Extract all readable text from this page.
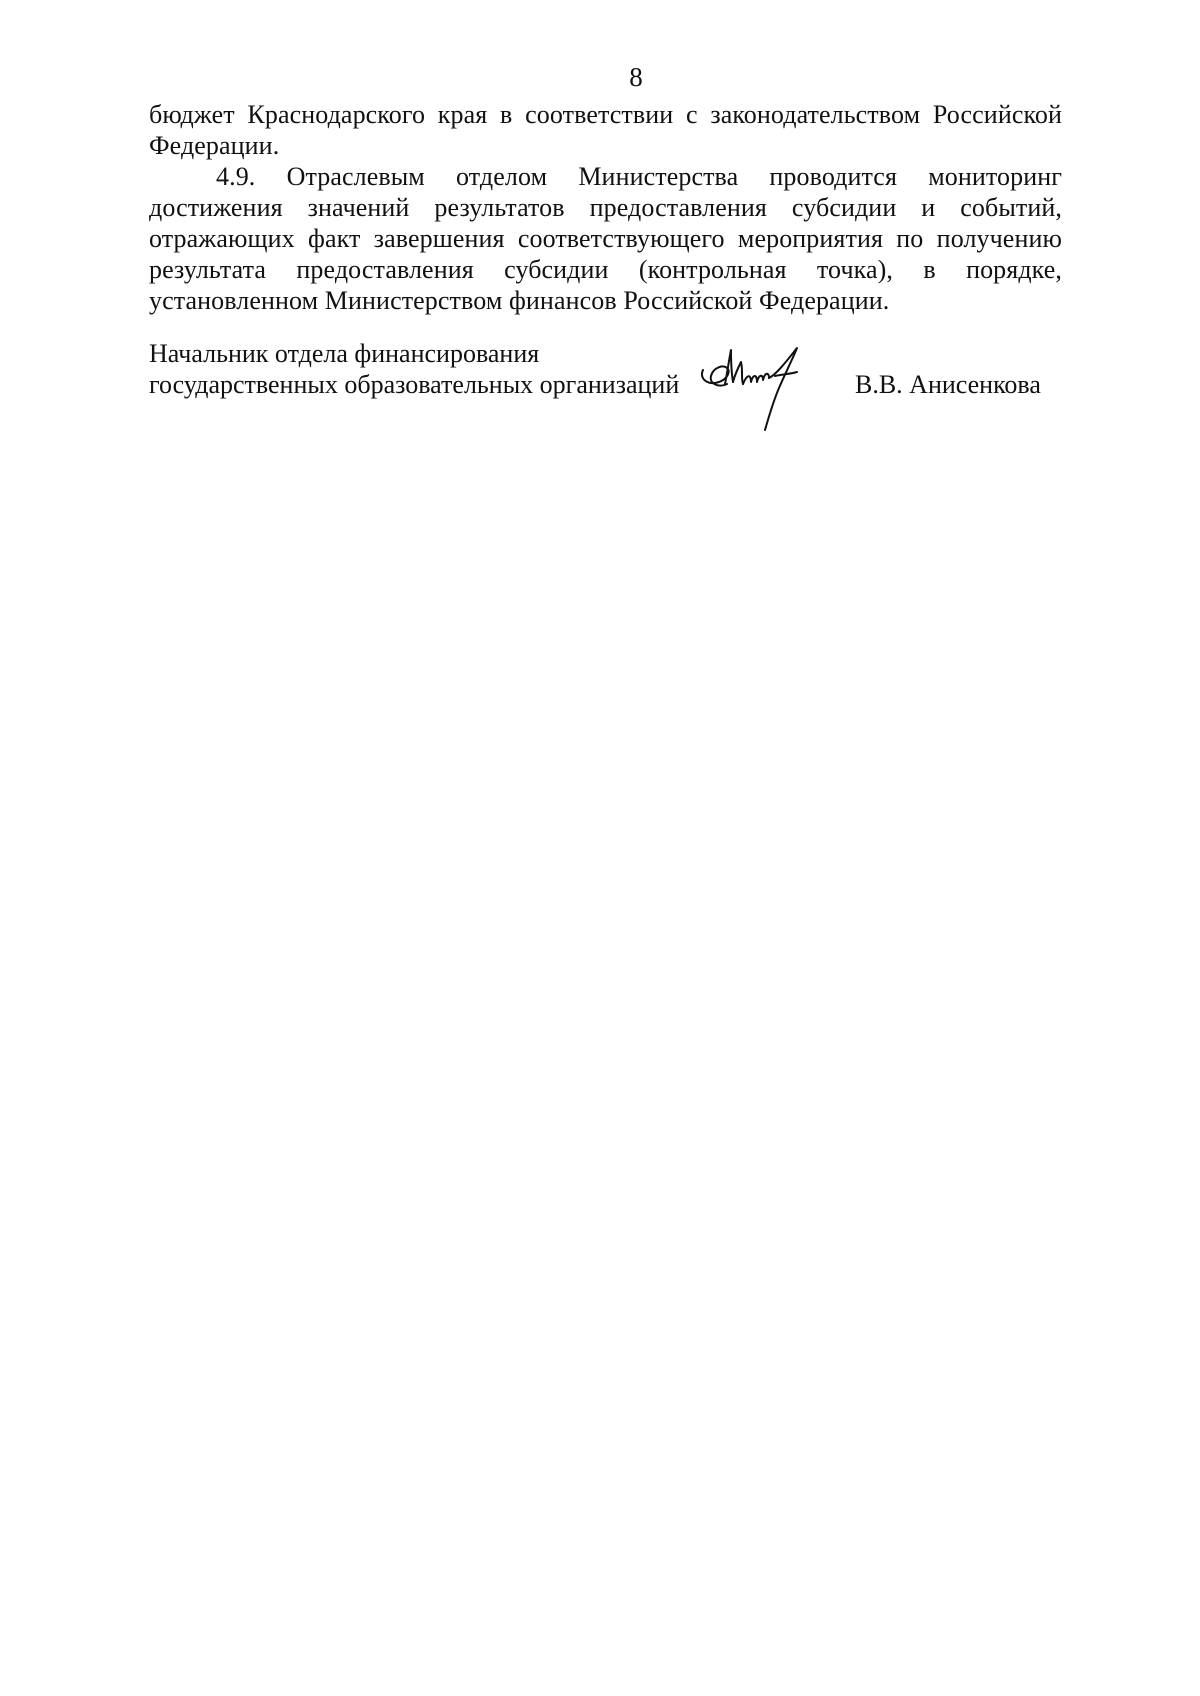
8
бюджет Краснодарского края в соответствии с законодательством Российской
Федерации.
4.9. Отраслевым отделом Министерства проводится мониторинг
достижения значений результатов предоставления субсидии и событий,
отражающих факт завершения соответствующего мероприятия по получению
результата предоставления субсидии (контрольная точка), в порядке,
установленном Министерством финансов Российской Федерации.
Начальник отдела финансирования
государственных образовательных организаций	В.В. Анисенкова
